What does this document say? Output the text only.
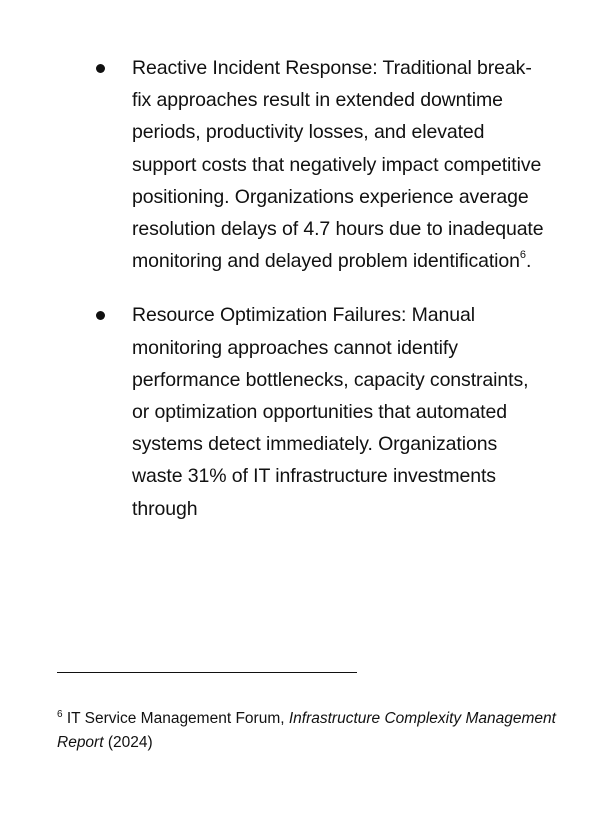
Reactive Incident Response: Traditional break-fix approaches result in extended downtime periods, productivity losses, and elevated support costs that negatively impact competitive positioning. Organizations experience average resolution delays of 4.7 hours due to inadequate monitoring and delayed problem identification$^6$.
Resource Optimization Failures: Manual monitoring approaches cannot identify performance bottlenecks, capacity constraints, or optimization opportunities that automated systems detect immediately. Organizations waste 31% of IT infrastructure investments through
$^6$ IT Service Management Forum, Infrastructure Complexity Management Report (2024)
